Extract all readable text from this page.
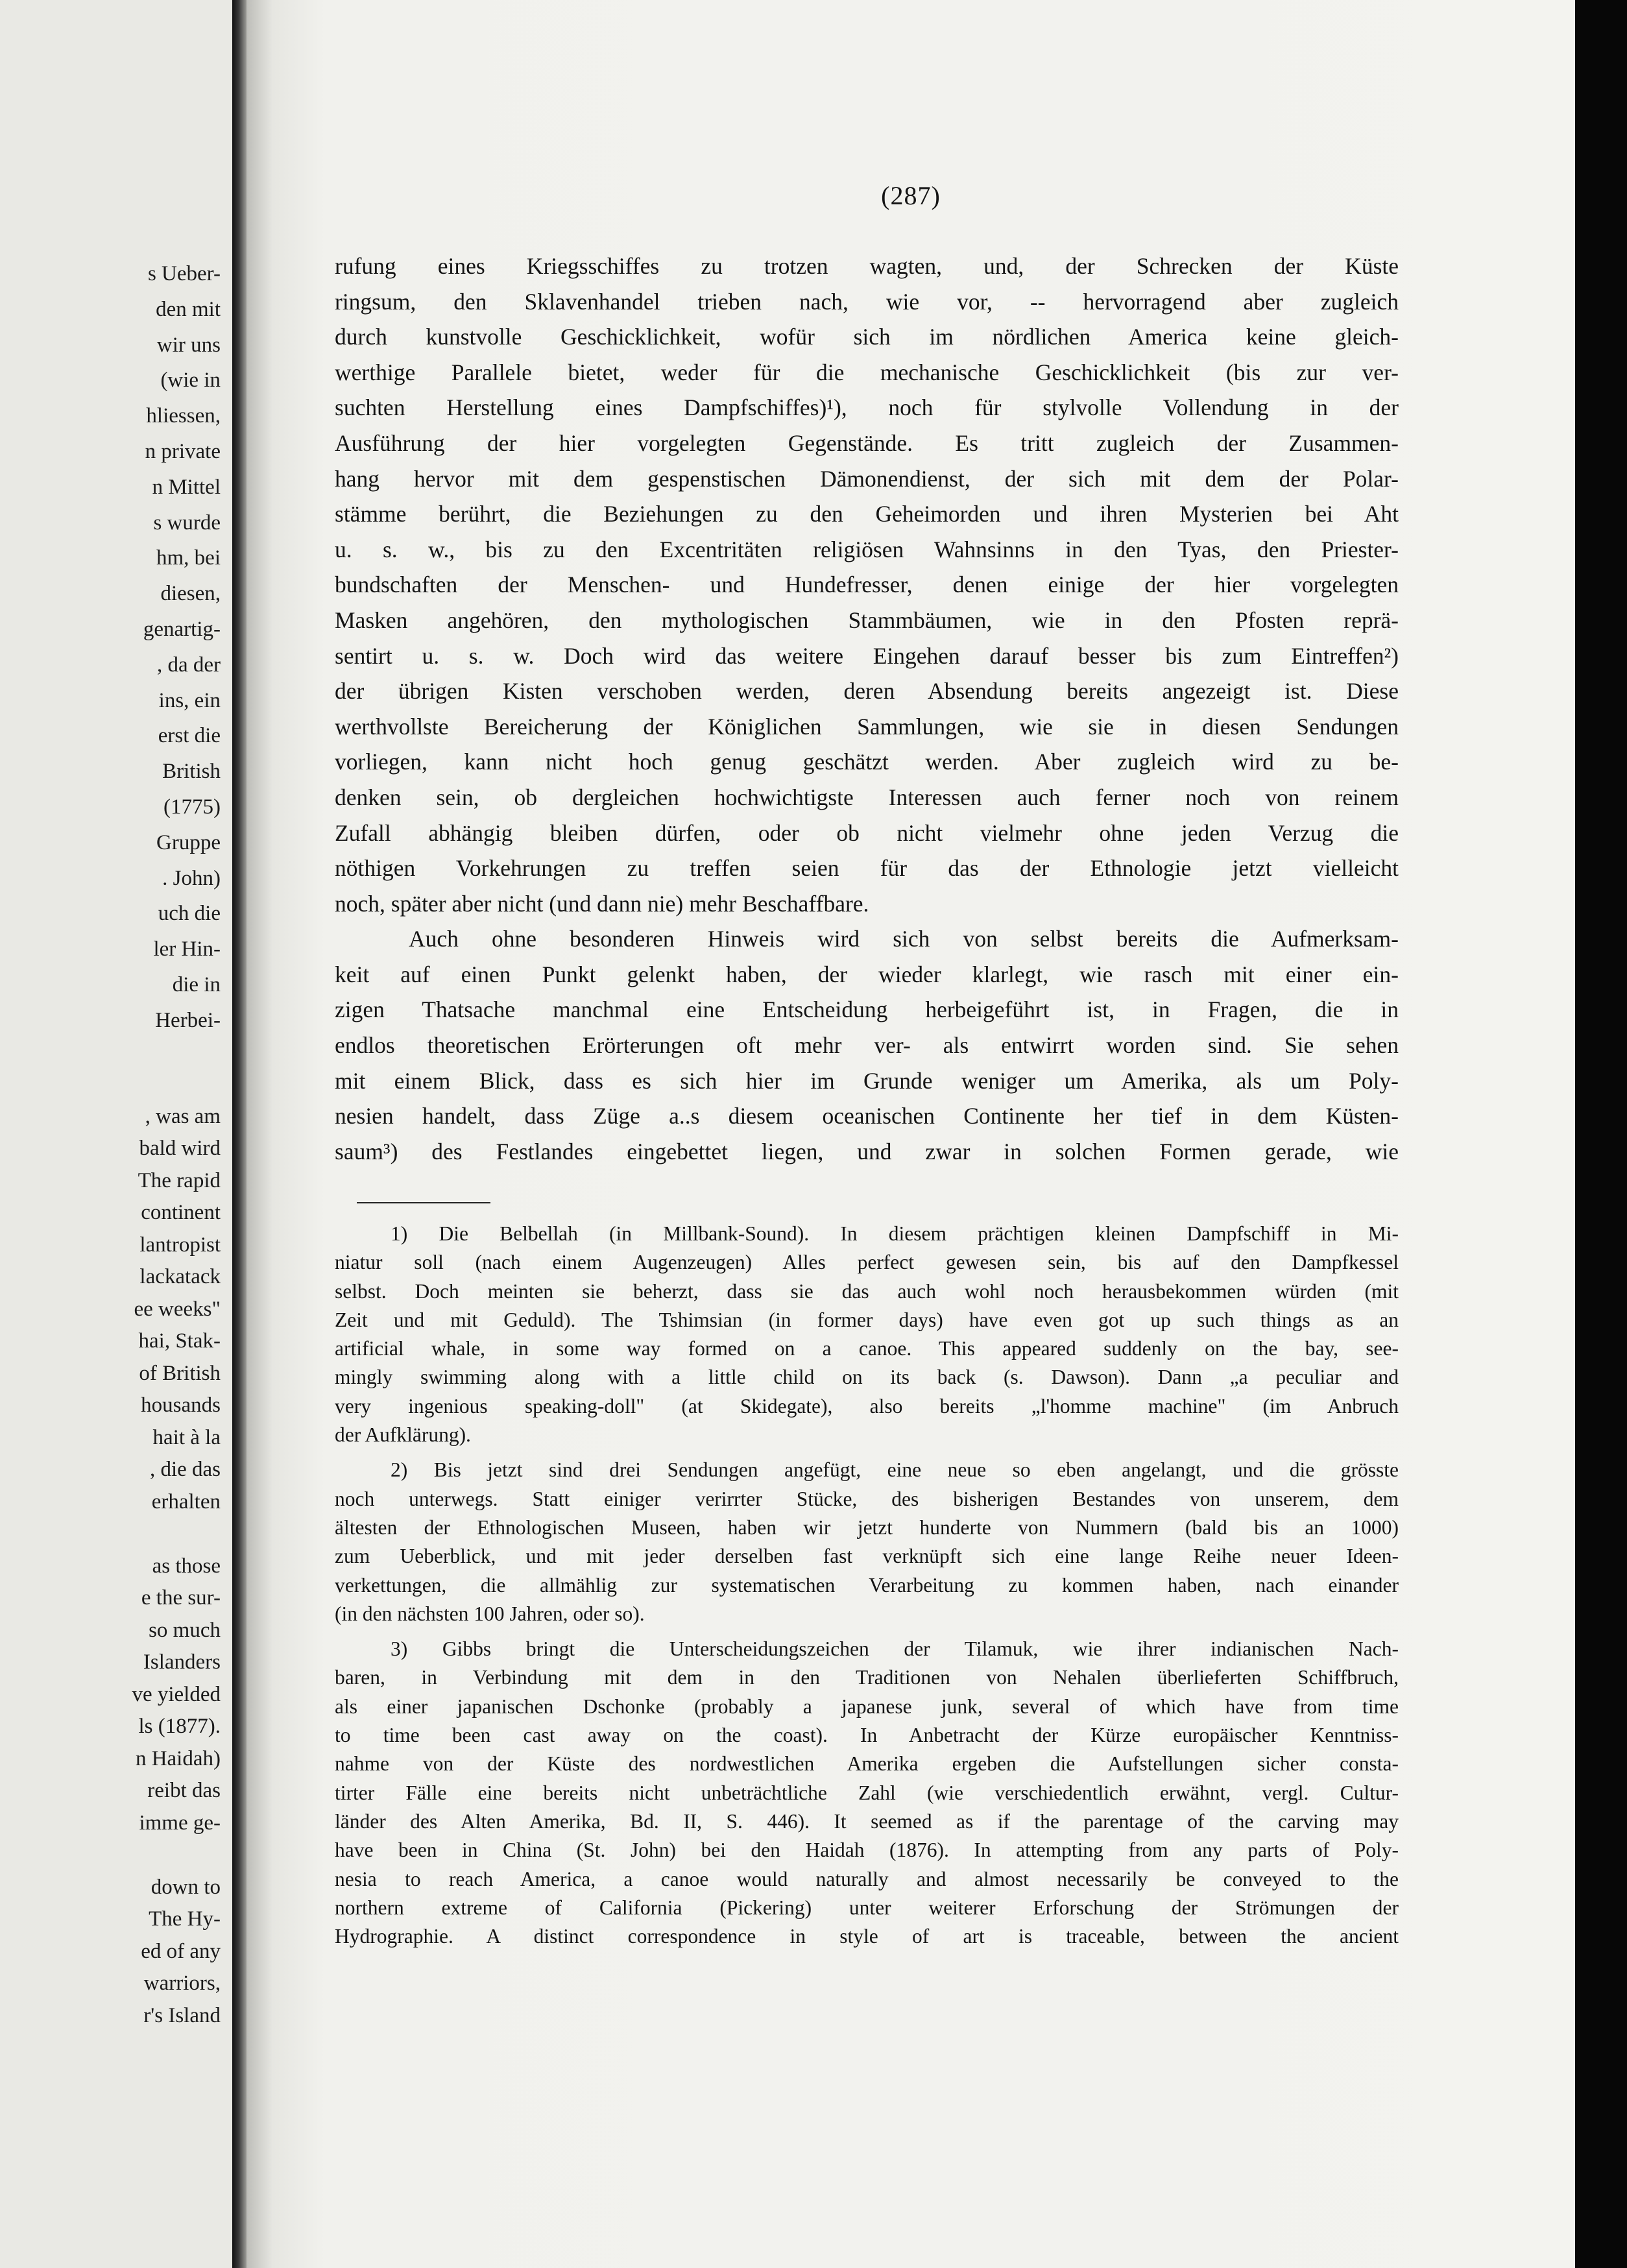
s Ueber-
den mit
wir uns
(wie in
hliessen,
n private
n Mittel
s wurde
hm, bei
diesen,
genartig-
, da der
ins, ein
erst die
British
(1775)
Gruppe
. John)
uch die
ler Hin-
die in
Herbei-
, was am
bald wird
The rapid
continent
lantropist
lackatack
ee weeks"
hai, Stak-
of British
housands
hait à la
, die das
erhalten
as those
e the sur-
so much
Islanders
ve yielded
ls (1877).
n Haidah)
reibt das
imme ge-
down to
The Hy-
ed of any
warriors,
r's Island
(287)
rufung eines Kriegsschiffes zu trotzen wagten, und, der Schrecken der Küste
ringsum, den Sklavenhandel trieben nach, wie vor, -- hervorragend aber zugleich
durch kunstvolle Geschicklichkeit, wofür sich im nördlichen America keine gleich-
werthige Parallele bietet, weder für die mechanische Geschicklichkeit (bis zur ver-
suchten Herstellung eines Dampfschiffes)¹), noch für stylvolle Vollendung in der
Ausführung der hier vorgelegten Gegenstände. Es tritt zugleich der Zusammen-
hang hervor mit dem gespenstischen Dämonendienst, der sich mit dem der Polar-
stämme berührt, die Beziehungen zu den Geheimorden und ihren Mysterien bei Aht
u. s. w., bis zu den Excentritäten religiösen Wahnsinns in den Tyas, den Priester-
bundschaften der Menschen- und Hundefresser, denen einige der hier vorgelegten
Masken angehören, den mythologischen Stammbäumen, wie in den Pfosten reprä-
sentirt u. s. w. Doch wird das weitere Eingehen darauf besser bis zum Eintreffen²)
der übrigen Kisten verschoben werden, deren Absendung bereits angezeigt ist. Diese
werthvollste Bereicherung der Königlichen Sammlungen, wie sie in diesen Sendungen
vorliegen, kann nicht hoch genug geschätzt werden. Aber zugleich wird zu be-
denken sein, ob dergleichen hochwichtigste Interessen auch ferner noch von reinem
Zufall abhängig bleiben dürfen, oder ob nicht vielmehr ohne jeden Verzug die
nöthigen Vorkehrungen zu treffen seien für das der Ethnologie jetzt vielleicht
noch, später aber nicht (und dann nie) mehr Beschaffbare.
Auch ohne besonderen Hinweis wird sich von selbst bereits die Aufmerksam-
keit auf einen Punkt gelenkt haben, der wieder klarlegt, wie rasch mit einer ein-
zigen Thatsache manchmal eine Entscheidung herbeigeführt ist, in Fragen, die in
endlos theoretischen Erörterungen oft mehr ver- als entwirrt worden sind. Sie sehen
mit einem Blick, dass es sich hier im Grunde weniger um Amerika, als um Poly-
nesien handelt, dass Züge a..s diesem oceanischen Continente her tief in dem Küsten-
saum³) des Festlandes eingebettet liegen, und zwar in solchen Formen gerade, wie
1) Die Belbellah (in Millbank-Sound). In diesem prächtigen kleinen Dampfschiff in Mi-
niatur soll (nach einem Augenzeugen) Alles perfect gewesen sein, bis auf den Dampfkessel
selbst. Doch meinten sie beherzt, dass sie das auch wohl noch herausbekommen würden (mit
Zeit und mit Geduld). The Tshimsian (in former days) have even got up such things as an
artificial whale, in some way formed on a canoe. This appeared suddenly on the bay, see-
mingly swimming along with a little child on its back (s. Dawson). Dann „a peculiar and
very ingenious speaking-doll" (at Skidegate), also bereits „l'homme machine" (im Anbruch
der Aufklärung).
2) Bis jetzt sind drei Sendungen angefügt, eine neue so eben angelangt, und die grösste
noch unterwegs. Statt einiger verirrter Stücke, des bisherigen Bestandes von unserem, dem
ältesten der Ethnologischen Museen, haben wir jetzt hunderte von Nummern (bald bis an 1000)
zum Ueberblick, und mit jeder derselben fast verknüpft sich eine lange Reihe neuer Ideen-
verkettungen, die allmählig zur systematischen Verarbeitung zu kommen haben, nach einander
(in den nächsten 100 Jahren, oder so).
3) Gibbs bringt die Unterscheidungszeichen der Tilamuk, wie ihrer indianischen Nach-
baren, in Verbindung mit dem in den Traditionen von Nehalen überlieferten Schiffbruch,
als einer japanischen Dschonke (probably a japanese junk, several of which have from time
to time been cast away on the coast). In Anbetracht der Kürze europäischer Kenntniss-
nahme von der Küste des nordwestlichen Amerika ergeben die Aufstellungen sicher consta-
tirter Fälle eine bereits nicht unbeträchtliche Zahl (wie verschiedentlich erwähnt, vergl. Cultur-
länder des Alten Amerika, Bd. II, S. 446). It seemed as if the parentage of the carving may
have been in China (St. John) bei den Haidah (1876). In attempting from any parts of Poly-
nesia to reach America, a canoe would naturally and almost necessarily be conveyed to the
northern extreme of California (Pickering) unter weiterer Erforschung der Strömungen der
Hydrographie. A distinct correspondence in style of art is traceable, between the ancient
